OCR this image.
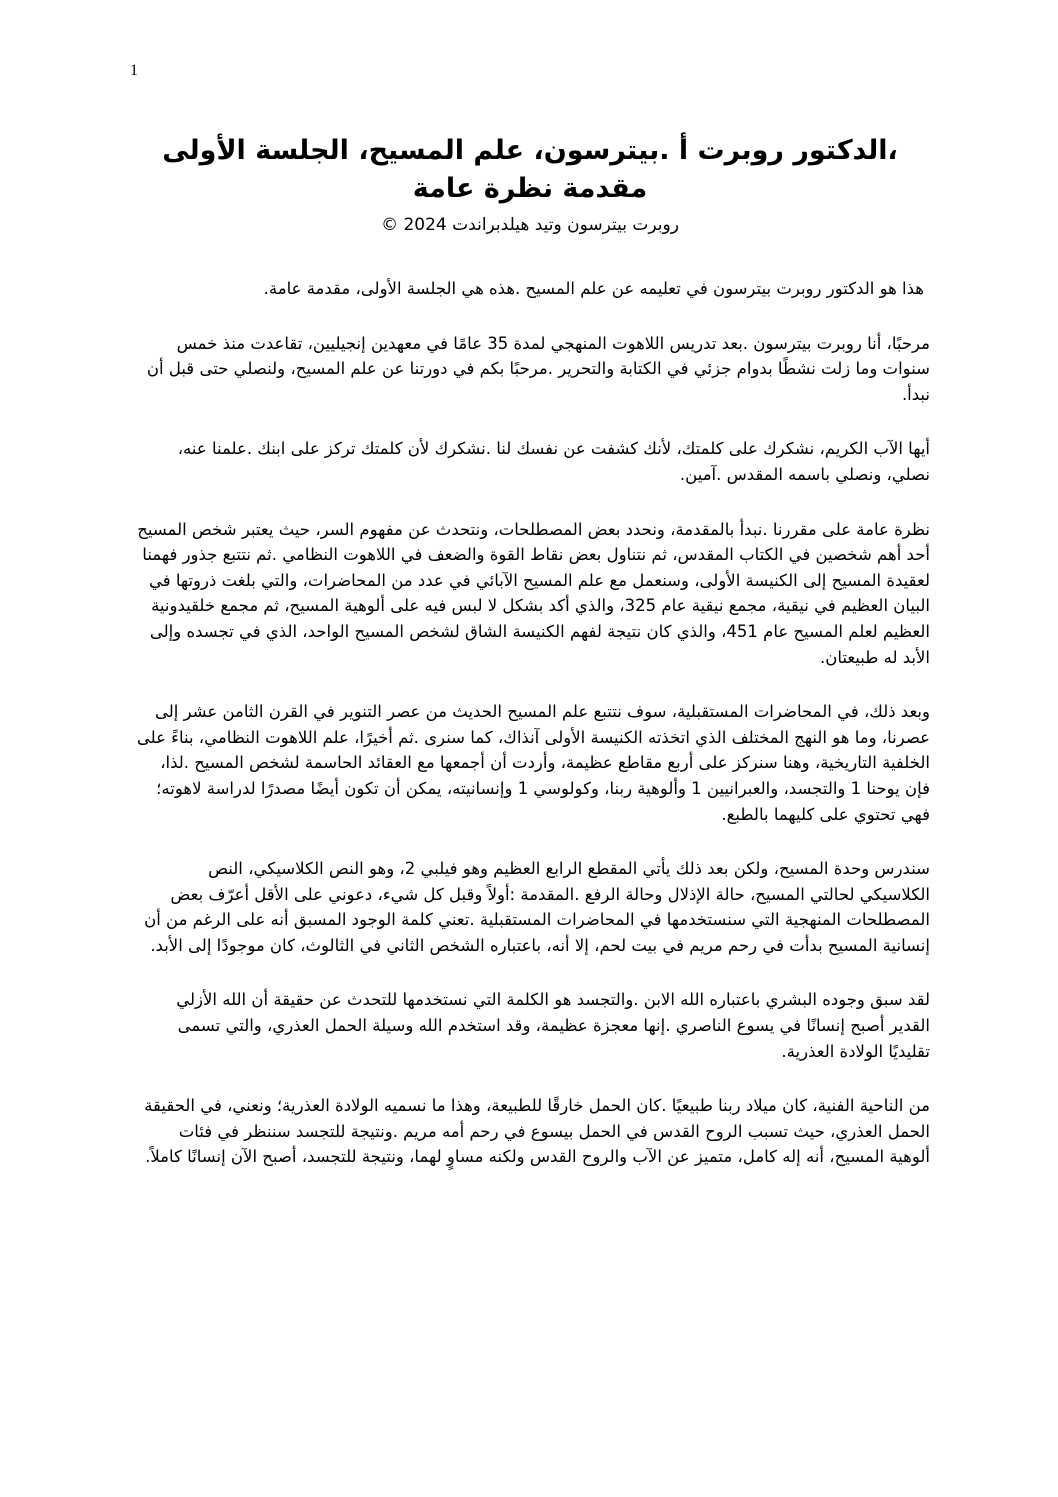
1
،الدكتور روبرت أ .بيترسون، علم المسيح، الجلسة الأولى
مقدمة نظرة عامة
روبرت بيترسون وتيد هيلدبراندت 2024 ©

هذا هو الدكتور روبرت بيترسون في تعليمه عن علم المسيح .هذه هي الجلسة الأولى، مقدمة عامة.

مرحبًا، أنا روبرت بيترسون .بعد تدريس اللاهوت المنهجي لمدة 35 عامًا في معهدين إنجيليين، تقاعدت منذ خمس سنوات وما زلت نشطًا بدوام جزئي في الكتابة والتحرير .مرحبًا بكم في دورتنا عن علم المسيح، ولنصلي حتى قبل أن نبدأ.

أيها الآب الكريم، نشكرك على كلمتك، لأنك كشفت عن نفسك لنا .نشكرك لأن كلمتك تركز على ابنك .علمنا عنه، نصلي، ونصلي باسمه المقدس .آمين.

نظرة عامة على مقررنا .نبدأ بالمقدمة، ونحدد بعض المصطلحات، ونتحدث عن مفهوم السر، حيث يعتبر شخص المسيح أحد أهم شخصين في الكتاب المقدس، ثم نتناول بعض نقاط القوة والضعف في اللاهوت النظامي .ثم نتتبع جذور فهمنا لعقيدة المسيح إلى الكنيسة الأولى، وسنعمل مع علم المسيح الآبائي في عدد من المحاضرات، والتي بلغت ذروتها في البيان العظيم في نيقية، مجمع نيقية عام 325، والذي أكد بشكل لا لبس فيه على ألوهية المسيح، ثم مجمع خلقيدونية العظيم لعلم المسيح عام 451، والذي كان نتيجة لفهم الكنيسة الشاق لشخص المسيح الواحد، الذي في تجسده وإلى الأبد له طبيعتان.

وبعد ذلك، في المحاضرات المستقبلية، سوف نتتبع علم المسيح الحديث من عصر التنوير في القرن الثامن عشر إلى عصرنا، وما هو النهج المختلف الذي اتخذته الكنيسة الأولى آنذاك، كما سنرى .ثم أخيرًا، علم اللاهوت النظامي، بناءً على الخلفية التاريخية، وهنا سنركز على أربع مقاطع عظيمة، وأردت أن أجمعها مع العقائد الحاسمة لشخص المسيح .لذا، فإن يوحنا 1 والتجسد، والعبرانيين 1 وألوهية ربنا، وكولوسي 1 وإنسانيته، يمكن أن تكون أيضًا مصدرًا لدراسة لاهوته؛ فهي تحتوي على كليهما بالطبع.

سندرس وحدة المسيح، ولكن بعد ذلك يأتي المقطع الرابع العظيم وهو فيلبي 2، وهو النص الكلاسيكي، النص الكلاسيكي لحالتي المسيح، حالة الإذلال وحالة الرفع .المقدمة :أولاً وقبل كل شيء، دعوني على الأقل أعرّف بعض المصطلحات المنهجية التي سنستخدمها في المحاضرات المستقبلية .تعني كلمة الوجود المسبق أنه على الرغم من أن إنسانية المسيح بدأت في رحم مريم في بيت لحم، إلا أنه، باعتباره الشخص الثاني في الثالوث، كان موجودًا إلى الأبد.

لقد سبق وجوده البشري باعتباره الله الابن .والتجسد هو الكلمة التي نستخدمها للتحدث عن حقيقة أن الله الأزلي القدير أصبح إنسانًا في يسوع الناصري .إنها معجزة عظيمة، وقد استخدم الله وسيلة الحمل العذري، والتي تسمى تقليديًا الولادة العذرية.

من الناحية الفنية، كان ميلاد ربنا طبيعيًا .كان الحمل خارقًا للطبيعة، وهذا ما نسميه الولادة العذرية؛ ونعني، في الحقيقة الحمل العذري، حيث تسبب الروح القدس في الحمل بيسوع في رحم أمه مريم .ونتيجة للتجسد سننظر في فئات ألوهية المسيح، أنه إله كامل، متميز عن الآب والروح القدس ولكنه مساوٍ لهما، ونتيجة للتجسد، أصبح الآن إنسانًا كاملاً.
